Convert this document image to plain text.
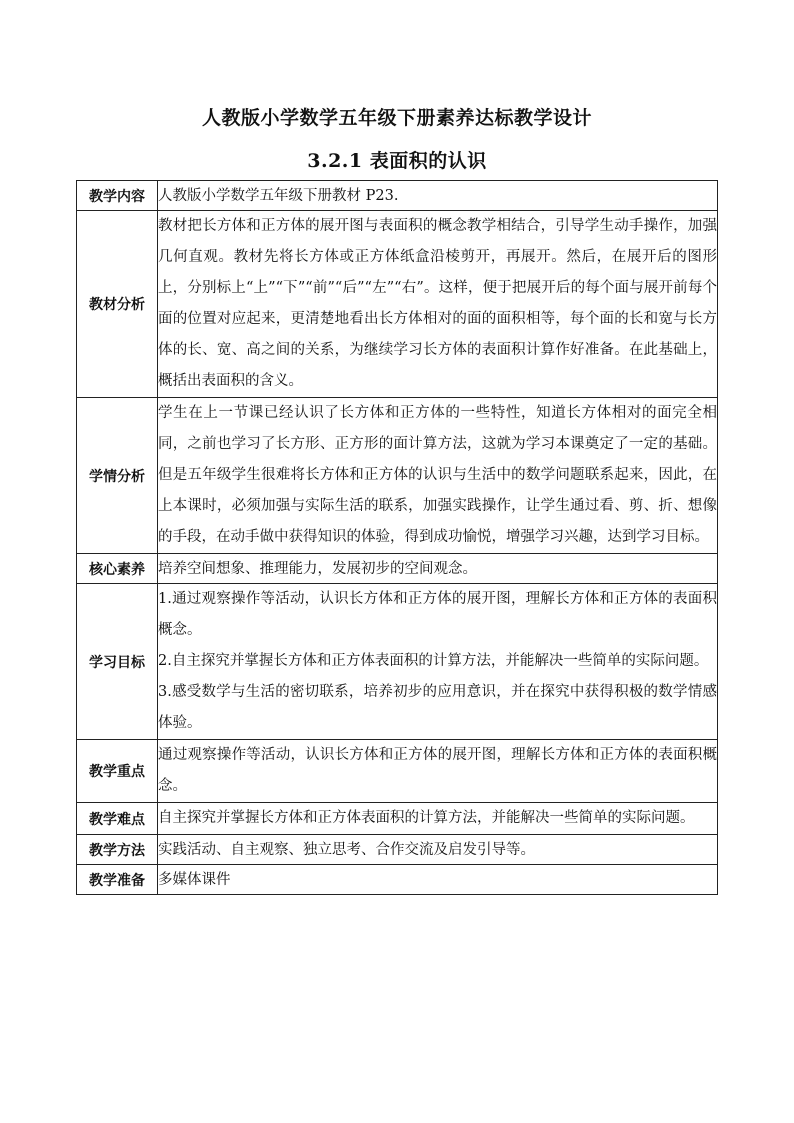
人教版小学数学五年级下册素养达标教学设计
3.2.1 表面积的认识
教学内容	人教版小学数学五年级下册教材 P23.
教材分析	教材把长方体和正方体的展开图与表面积的概念教学相结合，引导学生动手操作，加强几何直观。教材先将长方体或正方体纸盒沿棱剪开，再展开。然后，在展开后的图形上，分别标上“上”“下”“前”“后”“左”“右”。这样，便于把展开后的每个面与展开前每个面的位置对应起来，更清楚地看出长方体相对的面的面积相等，每个面的长和宽与长方体的长、宽、高之间的关系，为继续学习长方体的表面积计算作好准备。在此基础上，概括出表面积的含义。
学情分析	学生在上一节课已经认识了长方体和正方体的一些特性，知道长方体相对的面完全相同，之前也学习了长方形、正方形的面计算方法，这就为学习本课奠定了一定的基础。但是五年级学生很难将长方体和正方体的认识与生活中的数学问题联系起来，因此，在上本课时，必须加强与实际生活的联系，加强实践操作，让学生通过看、剪、折、想像的手段，在动手做中获得知识的体验，得到成功愉悦，增强学习兴趣，达到学习目标。
核心素养	培养空间想象、推理能力，发展初步的空间观念。
学习目标	1.通过观察操作等活动，认识长方体和正方体的展开图，理解长方体和正方体的表面积概念。

2.自主探究并掌握长方体和正方体表面积的计算方法，并能解决一些简单的实际问题。

3.感受数学与生活的密切联系，培养初步的应用意识，并在探究中获得积极的数学情感体验。

教学重点	通过观察操作等活动，认识长方体和正方体的展开图，理解长方体和正方体的表面积概念。
教学难点	自主探究并掌握长方体和正方体表面积的计算方法，并能解决一些简单的实际问题。
教学方法	实践活动、自主观察、独立思考、合作交流及启发引导等。
教学准备	多媒体课件
